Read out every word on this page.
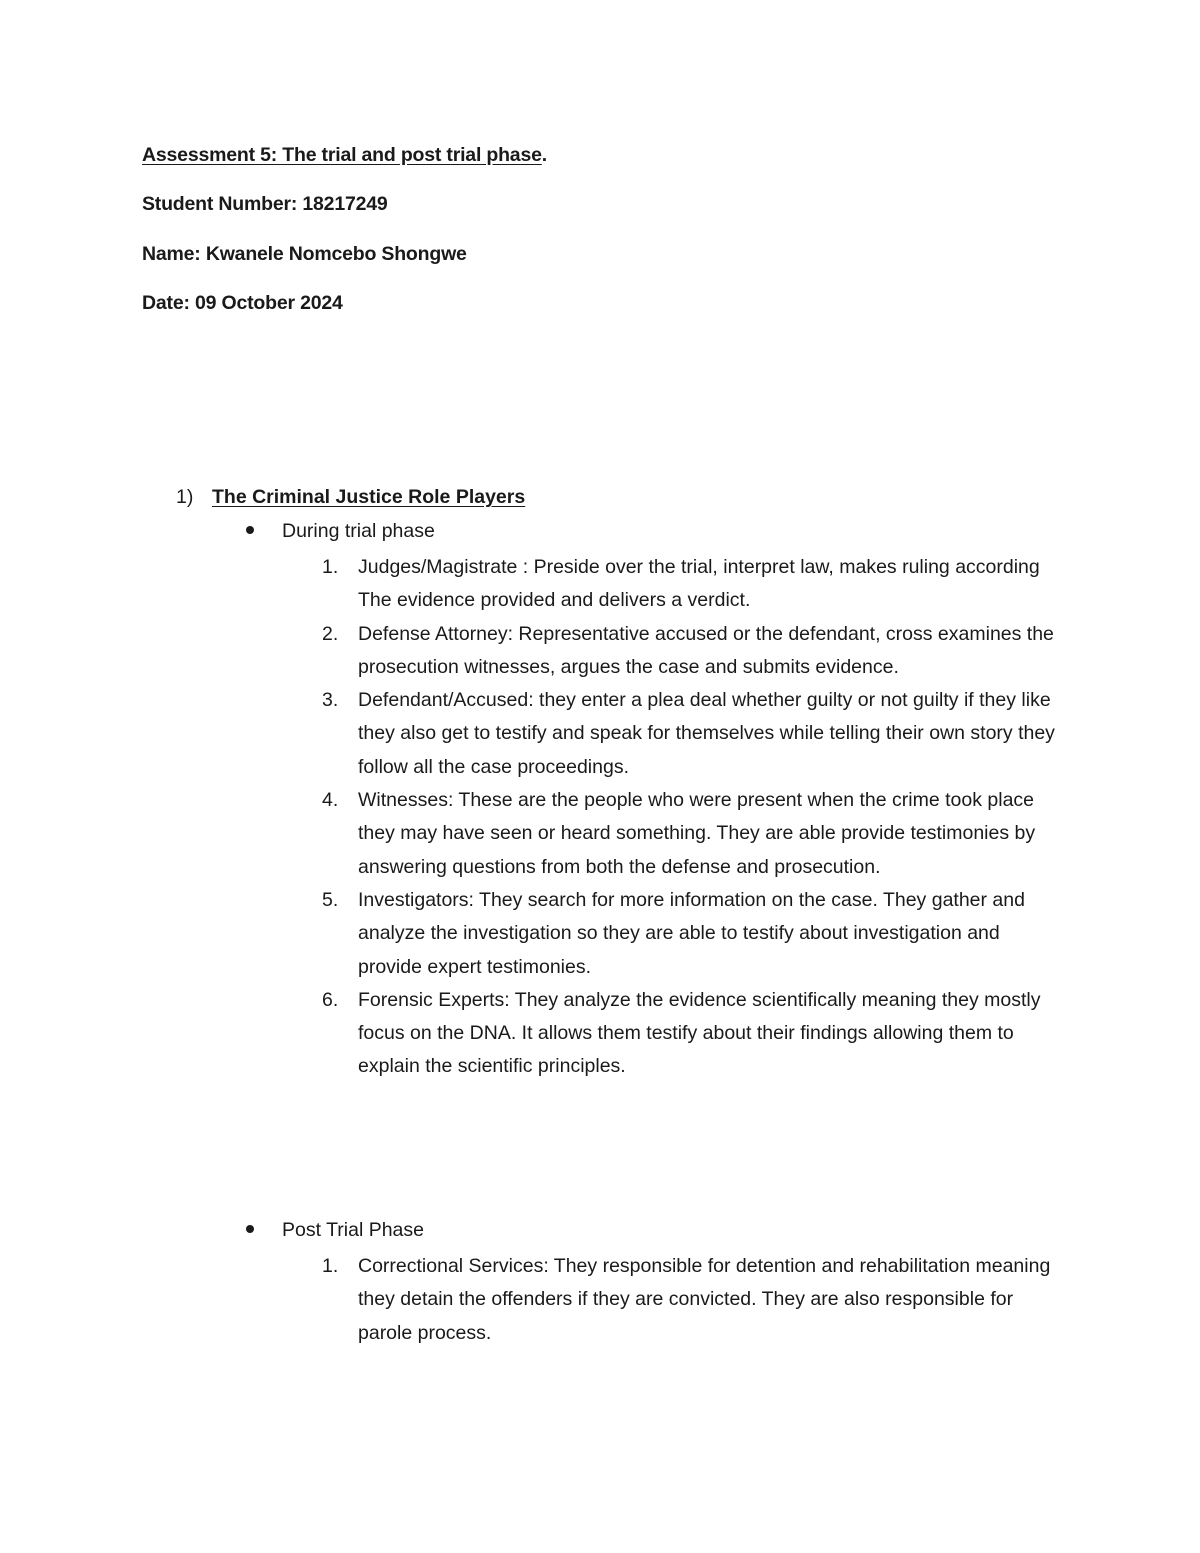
Assessment 5: The trial and post trial phase.
Student Number: 18217249
Name: Kwanele Nomcebo Shongwe
Date: 09 October 2024
1) The Criminal Justice Role Players
During trial phase
1. Judges/Magistrate : Preside over the trial, interpret law, makes ruling according The evidence provided and delivers a verdict.
2. Defense Attorney: Representative accused or the defendant, cross examines the prosecution witnesses, argues the case and submits evidence.
3. Defendant/Accused: they enter a plea deal whether guilty or not guilty if they like they also get to testify and speak for themselves while telling their own story they follow all the case proceedings.
4. Witnesses: These are the people who were present when the crime took place they may have seen or heard something. They are able provide testimonies by answering questions from both the defense and prosecution.
5. Investigators: They search for more information on the case. They gather and analyze the investigation so they are able to testify about investigation and provide expert testimonies.
6. Forensic Experts: They analyze the evidence scientifically meaning they mostly focus on the DNA. It allows them testify about their findings allowing them to explain the scientific principles.
Post Trial Phase
1. Correctional Services: They responsible for detention and rehabilitation meaning they detain the offenders if they are convicted. They are also responsible for parole process.
